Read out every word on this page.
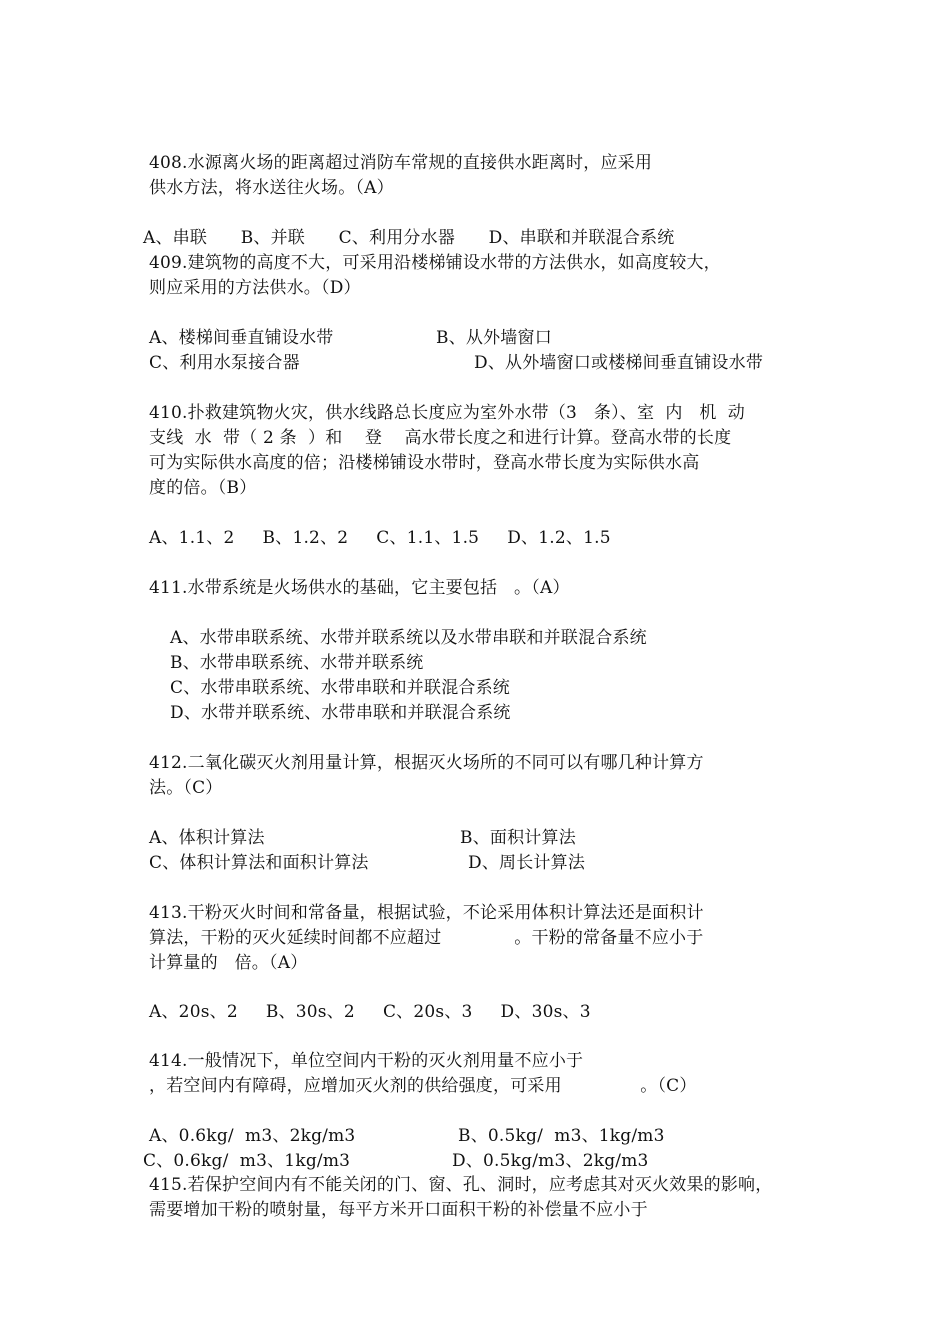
408.水源离火场的距离超过消防车常规的直接供水距离时，应采用
供水方法，将水送往火场。（A）
A、串联      B、并联      C、利用分水器      D、串联和并联混合系统
409.建筑物的高度不大，可采用沿楼梯铺设水带的方法供水，如高度较大，
则应采用的方法供水。（D）
A、楼梯间垂直铺设水带	B、从外墙窗口
C、利用水泵接合器	D、从外墙窗口或楼梯间垂直铺设水带
410.扑救建筑物火灾，供水线路总长度应为室外水带（3   条）、室  内   机  动
支线  水  带（ 2 条  ）和    登    高水带长度之和进行计算。登高水带的长度
可为实际供水高度的倍；沿楼梯铺设水带时，登高水带长度为实际供水高
度的倍。（B）
A、1.1、2     B、1.2、2     C、1.1、1.5     D、1.2、1.5
411.水带系统是火场供水的基础，它主要包括   。（A）
A、水带串联系统、水带并联系统以及水带串联和并联混合系统
B、水带串联系统、水带并联系统
C、水带串联系统、水带串联和并联混合系统
D、水带并联系统、水带串联和并联混合系统
412.二氧化碳灭火剂用量计算，根据灭火场所的不同可以有哪几种计算方
法。（C）
A、体积计算法	B、面积计算法
C、体积计算法和面积计算法	D、周长计算法
413.干粉灭火时间和常备量，根据试验，不论采用体积计算法还是面积计
算法，干粉的灭火延续时间都不应超过             。干粉的常备量不应小于
计算量的   倍。（A）
A、20s、2     B、30s、2     C、20s、3     D、30s、3
414.一般情况下，单位空间内干粉的灭火剂用量不应小于
，若空间内有障碍，应增加灭火剂的供给强度，可采用              。（C）
A、0.6kg/  m3、2kg/m3	B、0.5kg/  m3、1kg/m3
C、0.6kg/  m3、1kg/m3	D、0.5kg/m3、2kg/m3
415.若保护空间内有不能关闭的门、窗、孔、洞时，应考虑其对灭火效果的影响，
需要增加干粉的喷射量，每平方米开口面积干粉的补偿量不应小于
